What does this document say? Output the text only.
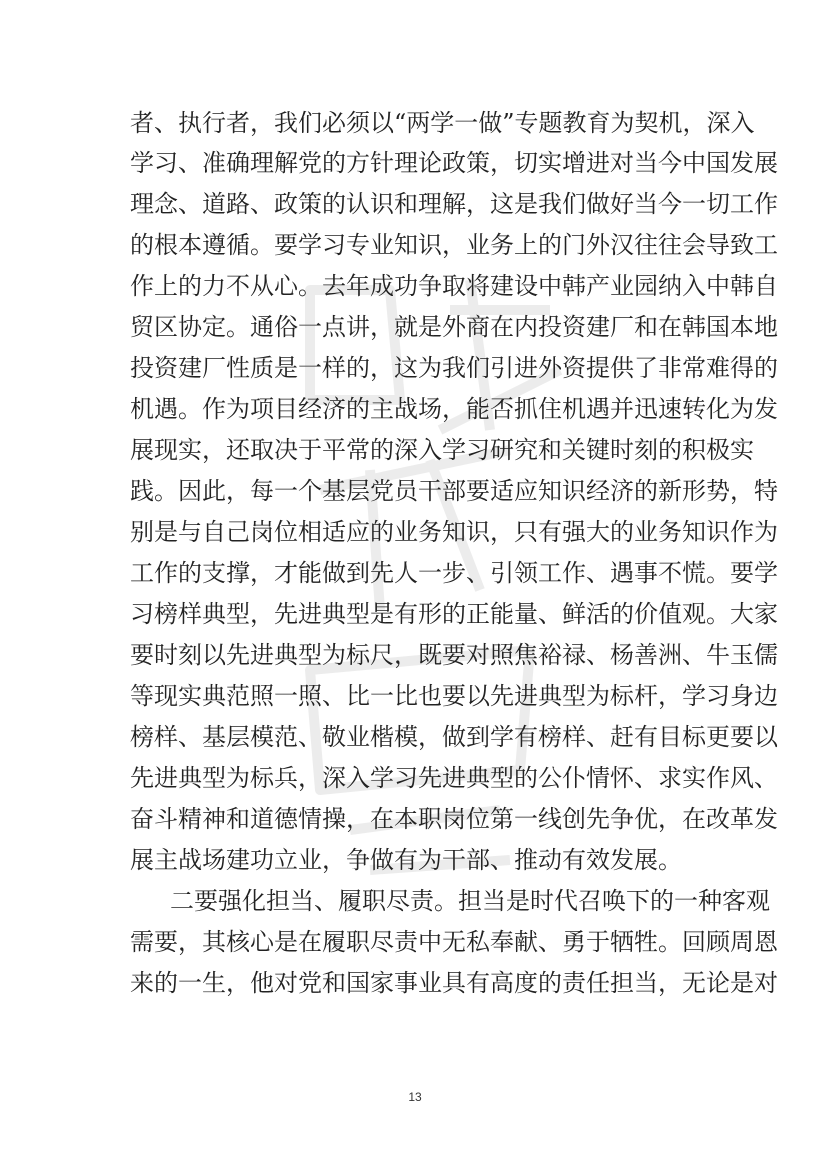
者、执行者，我们必须以“两学一做”专题教育为契机，深入
学习、准确理解党的方针理论政策，切实增进对当今中国发展
理念、道路、政策的认识和理解，这是我们做好当今一切工作
的根本遵循。要学习专业知识，业务上的门外汉往往会导致工
作上的力不从心。去年成功争取将建设中韩产业园纳入中韩自
贸区协定。通俗一点讲，就是外商在内投资建厂和在韩国本地
投资建厂性质是一样的，这为我们引进外资提供了非常难得的
机遇。作为项目经济的主战场，能否抓住机遇并迅速转化为发
展现实，还取决于平常的深入学习研究和关键时刻的积极实
践。因此，每一个基层党员干部要适应知识经济的新形势，特
别是与自己岗位相适应的业务知识，只有强大的业务知识作为
工作的支撑，才能做到先人一步、引领工作、遇事不慌。要学
习榜样典型，先进典型是有形的正能量、鲜活的价值观。大家
要时刻以先进典型为标尺，既要对照焦裕禄、杨善洲、牛玉儒
等现实典范照一照、比一比也要以先进典型为标杆，学习身边
榜样、基层模范、敬业楷模，做到学有榜样、赶有目标更要以
先进典型为标兵，深入学习先进典型的公仆情怀、求实作风、
奋斗精神和道德情操，在本职岗位第一线创先争优，在改革发
展主战场建功立业，争做有为干部、推动有效发展。
二要强化担当、履职尽责。担当是时代召唤下的一种客观
需要，其核心是在履职尽责中无私奉献、勇于牺牲。回顾周恩
来的一生，他对党和国家事业具有高度的责任担当，无论是对
13
